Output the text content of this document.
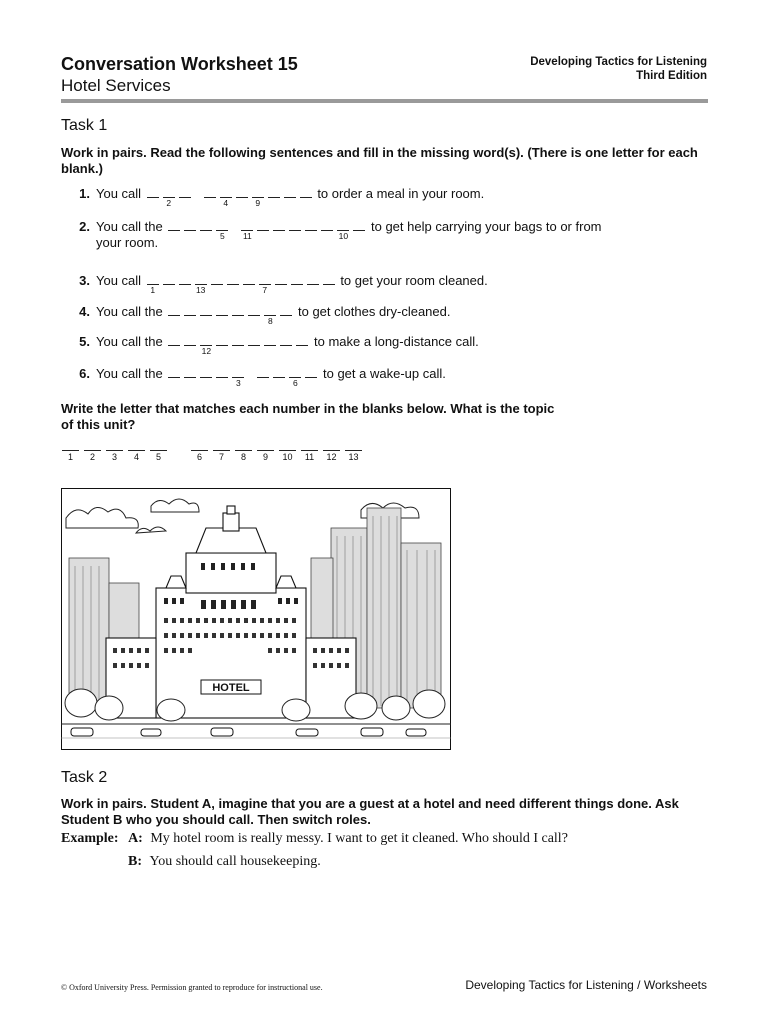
Conversation Worksheet 15
Hotel Services
Developing Tactics for Listening
Third Edition
Task 1
Work in pairs. Read the following sentences and fill in the missing word(s). (There is one letter for each blank.)
1. You call
2	4	9
to order a meal in your room.
2. You call the
5	11	10
to get help carrying your bags to or from
your room.
3. You call
1	13	7
to get your room cleaned.
4. You call the
8
to get clothes dry-cleaned.
5. You call the
12
to make a long-distance call.
6. You call the
3	6
to get a wake-up call.
Write the letter that matches each number in the blanks below. What is the topic of this unit?
1 2 3 4 5	6 7 8 9 10 11 12 13
HOTEL
Task 2
Work in pairs. Student A, imagine that you are a guest at a hotel and need different things done. Ask Student B who you should call. Then switch roles.
Example: A: My hotel room is really messy. I want to get it cleaned. Who should I call?
B: You should call housekeeping.
© Oxford University Press. Permission granted to reproduce for instructional use.	Developing Tactics for Listening / Worksheets
